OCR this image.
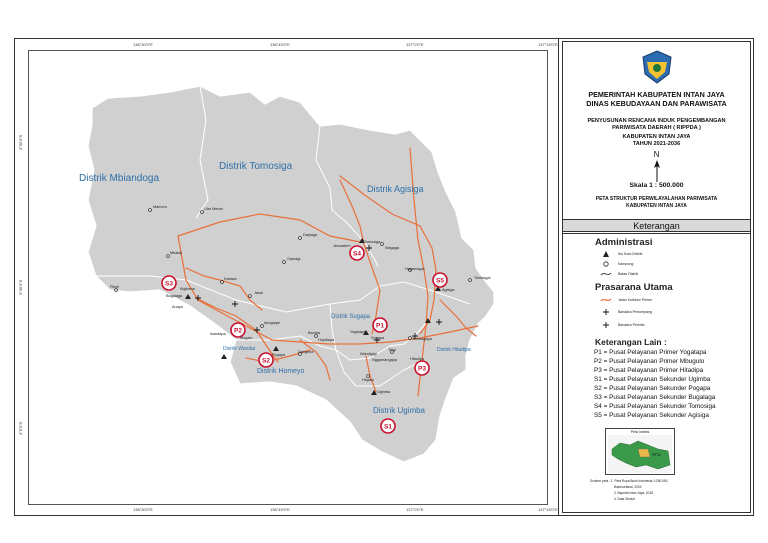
136°30'0"E	136°45'0"E	137°0'0"E	137°15'0"E
136°30'0"E	136°45'0"E	137°0'0"E	137°15'0"E
3°30'0"S
3°45'0"S
4°0'0"S	S1
S2
S3
S4
S5
P1
P2
P3
Distrik Mbiandoga
Distrik Tomosiga
Distrik Agisiga
Distrik Sugapa
Distrik Wandai
Distrik Homeyo
Distrik Hitadipa
Distrik Ugimba
Mamoro	Ular Merah
Dapiaga
Tomosiga
Jerusalem	Wagaga
Gamagi
Mbalaji
Pikeli	Kigibena
Bugalaga
Anaya
Kalawa
Jasai
Abugiape
Mogalo
Isandapa
Pogapa
Dangeria
Bamba
Hupdiapa
Yogatapa
Sugapa
Titigi
Wandigigi
Nggamangapa	Hitadipa
Tembagapa
Agisiga
Hagamagai
Tombagai
Ugimba
Hiqabu
PEMERINTAH KABUPATEN INTAN JAYA
DINAS KEBUDAYAAN DAN PARAWISATA
PENYUSUNAN RENCANA INDUK PENGEMBANGAN
PARIWISATA DAERAH ( RIPPDA )
KABUPATEN INTAN JAYA
TAHUN 2021-2036
N
Skala 1 : 500.000
PETA STRUKTUR PERWILAYALAHAN PARIWISATA
KABUPATEN INTAN JAYA
Keterangan
Administrasi
Ibu Kota Distrik
Kampung
Batas Distrik
Prasarana Utama
Jalan Kolektor Primer
Bandara Penumpang
Bandara Perintis
Keterangan Lain :
P1 = Pusat Pelayanan Primer Yogatapa
P2 = Pusat Pelayanan Primer Mbugulo
P3 = Pusat Pelayanan Primer Hitadipa
S1 = Pusat Pelayanan Sekunder Ugimba
S2 = Pusat Pelayanan Sekunder Pogapa
S3 = Pusat Pelayanan Sekunder Bugalaga
S4 = Pusat Pelayanan Sekunder Tomosiga
S5 = Pusat Pelayanan Sekunder Agisiga
Peta Indeks
PETA
Sumber peta : 1. Peta Rupa Bumi Indonesia 1:250.000,
Bakosurtanal, 2004
3. Bapeda Intan Jaya, 2015
4. Data Dishub
